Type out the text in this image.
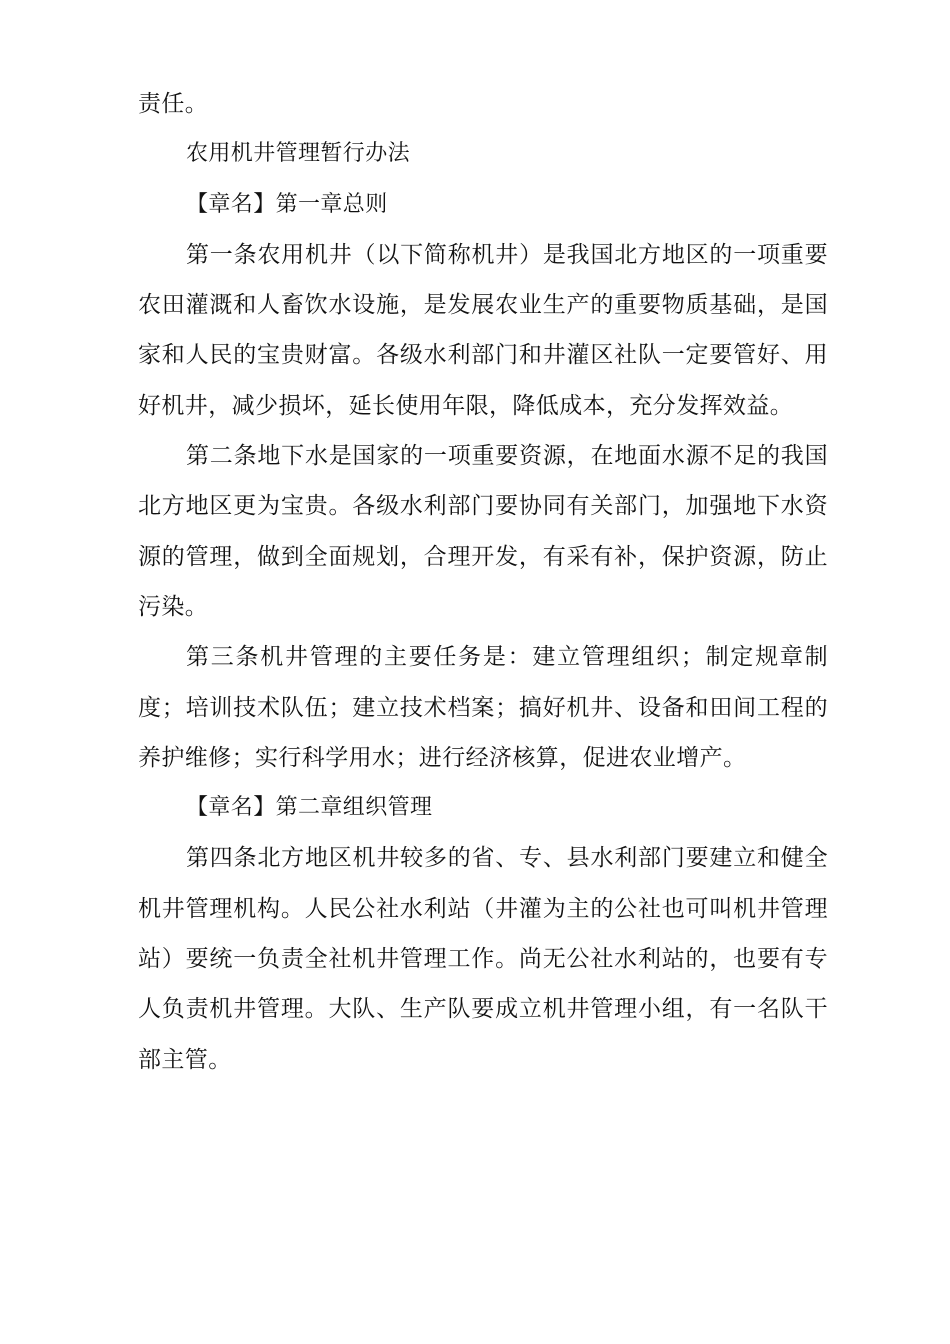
责任。

农用机井管理暂行办法

【章名】第一章总则

第一条农用机井（以下简称机井）是我国北方地区的一项重要农田灌溉和人畜饮水设施，是发展农业生产的重要物质基础，是国家和人民的宝贵财富。各级水利部门和井灌区社队一定要管好、用好机井，减少损坏，延长使用年限，降低成本，充分发挥效益。

第二条地下水是国家的一项重要资源，在地面水源不足的我国北方地区更为宝贵。各级水利部门要协同有关部门，加强地下水资源的管理，做到全面规划，合理开发，有采有补，保护资源，防止污染。

第三条机井管理的主要任务是：建立管理组织；制定规章制度；培训技术队伍；建立技术档案；搞好机井、设备和田间工程的养护维修；实行科学用水；进行经济核算，促进农业增产。

【章名】第二章组织管理

第四条北方地区机井较多的省、专、县水利部门要建立和健全机井管理机构。人民公社水利站（井灌为主的公社也可叫机井管理站）要统一负责全社机井管理工作。尚无公社水利站的，也要有专人负责机井管理。大队、生产队要成立机井管理小组，有一名队干部主管。
